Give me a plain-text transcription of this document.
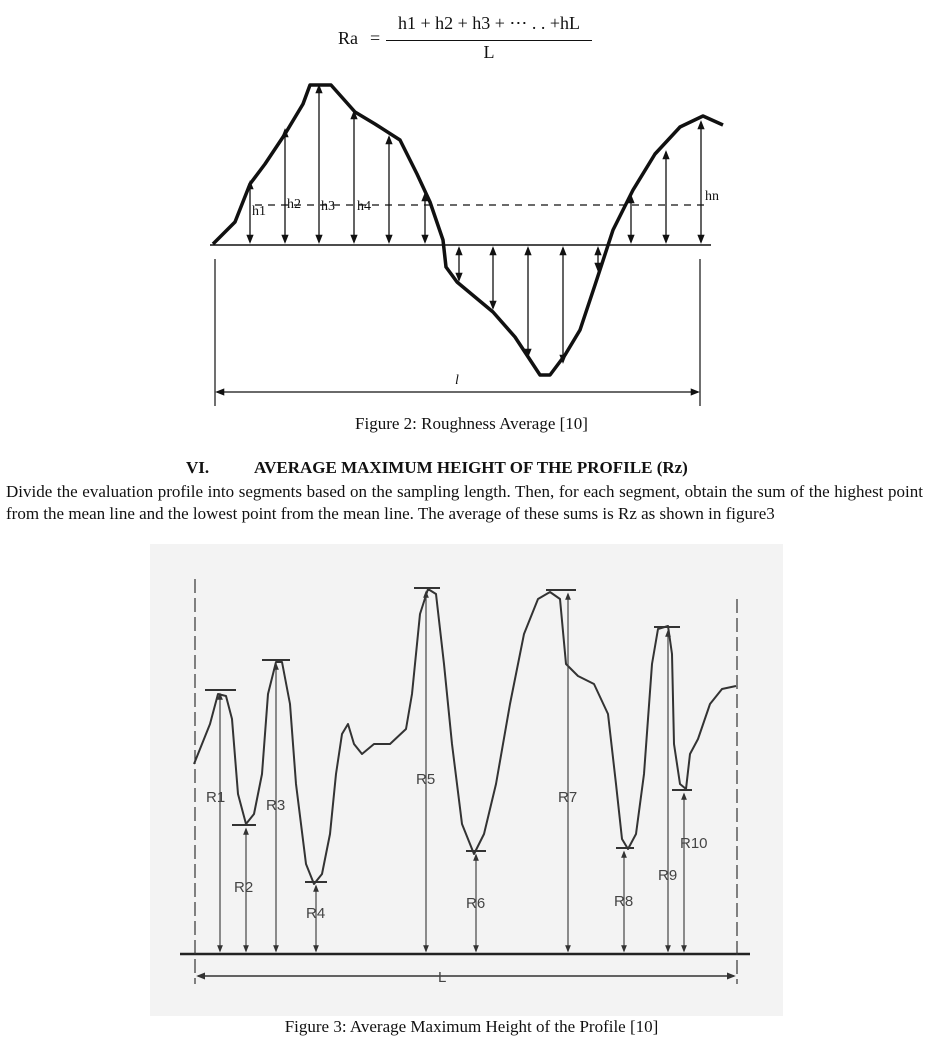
Ra =
h1 + h2 + h3 + ⋯ . . +hL
L
h1 h2 h3 h4
hn
l
Figure 2: Roughness Average [10]
VI.	AVERAGE MAXIMUM HEIGHT OF THE PROFILE (Rz)
Divide the evaluation profile into segments based on the sampling length. Then, for each segment, obtain the sum of the highest point from the mean line and the lowest point from the mean line. The average of these sums is Rz as shown in figure3
R1
R2
R3
R4
R5
R6
R7
R8
R9
R10
L
Figure 3: Average Maximum Height of the Profile [10]
